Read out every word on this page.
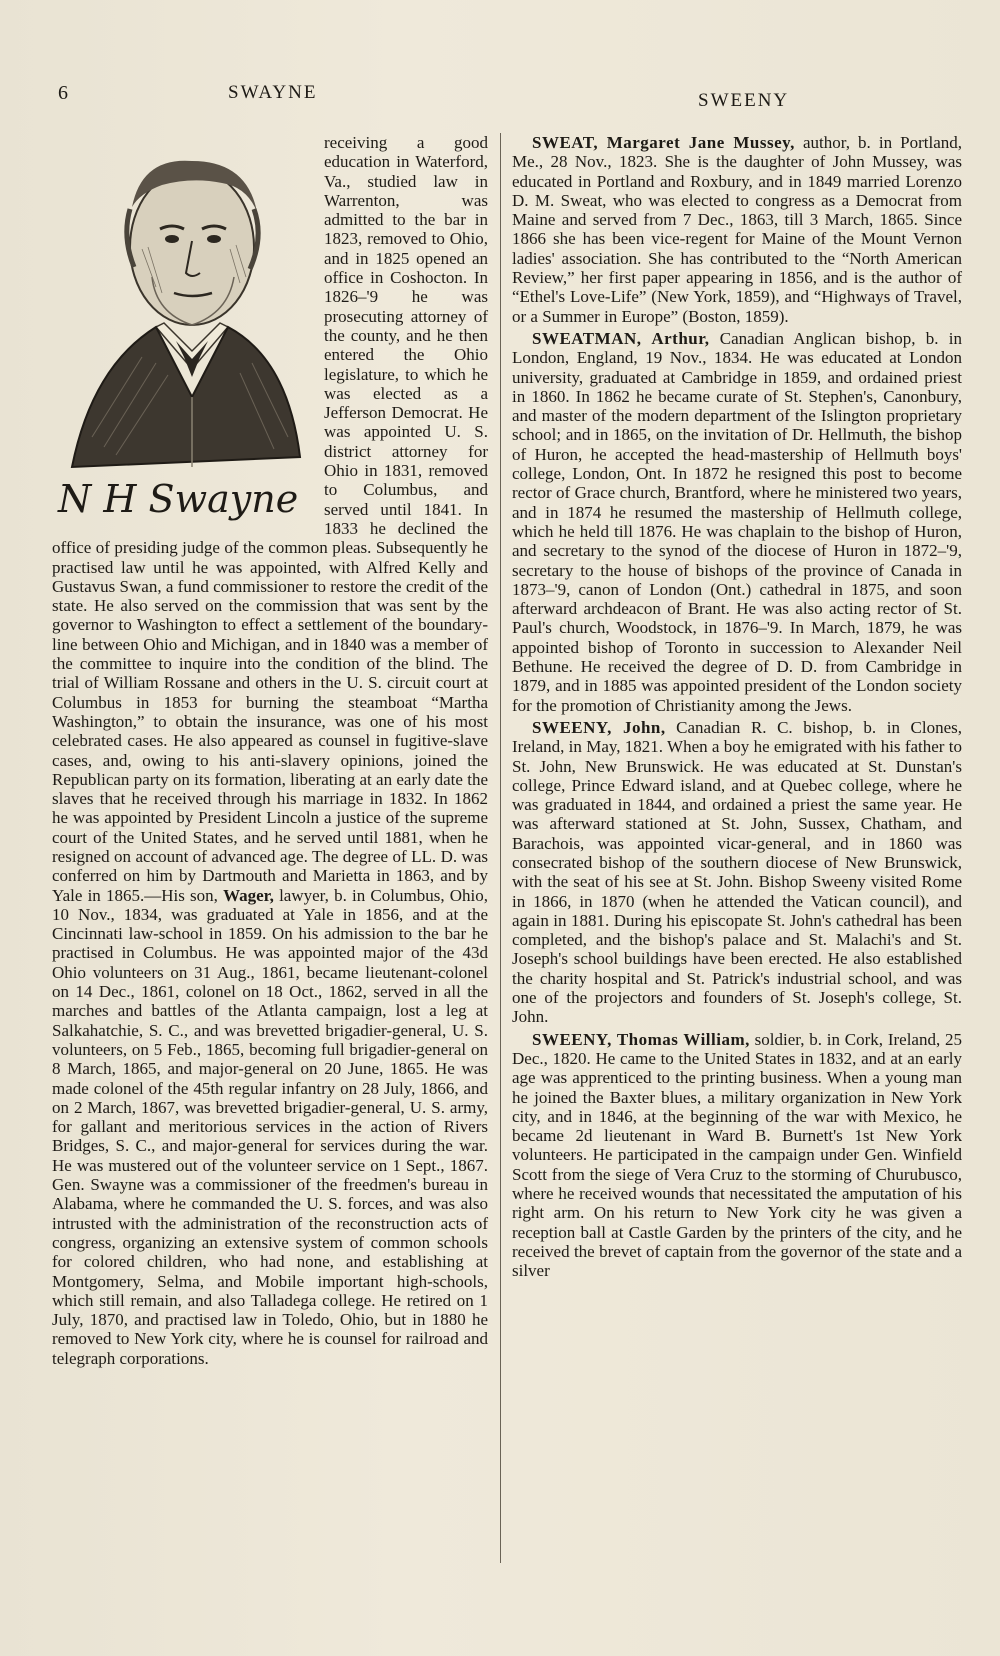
6	SWAYNE	SWEENY

N H Swayne
receiving a good education in Waterford, Va., studied law in Warrenton, was admitted to the bar in 1823, removed to Ohio, and in 1825 opened an office in Coshocton. In 1826–'9 he was prosecuting attorney of the county, and he then entered the Ohio legislature, to which he was elected as a Jefferson Democrat. He was appointed U. S. district attorney for Ohio in 1831, removed to Columbus, and served until 1841. In 1833 he declined the office of presiding judge of the common pleas. Subsequently he practised law until he was appointed, with Alfred Kelly and Gustavus Swan, a fund commissioner to restore the credit of the state. He also served on the commission that was sent by the governor to Washington to effect a settlement of the boundary-line between Ohio and Michigan, and in 1840 was a member of the committee to inquire into the condition of the blind. The trial of William Rossane and others in the U. S. circuit court at Columbus in 1853 for burning the steamboat “Martha Washington,” to obtain the insurance, was one of his most celebrated cases. He also appeared as counsel in fugitive-slave cases, and, owing to his anti-slavery opinions, joined the Republican party on its formation, liberating at an early date the slaves that he received through his marriage in 1832. In 1862 he was appointed by President Lincoln a justice of the supreme court of the United States, and he served until 1881, when he resigned on account of advanced age. The degree of LL. D. was conferred on him by Dartmouth and Marietta in 1863, and by Yale in 1865.—His son, Wager, lawyer, b. in Columbus, Ohio, 10 Nov., 1834, was graduated at Yale in 1856, and at the Cincinnati law-school in 1859. On his admission to the bar he practised in Columbus. He was appointed major of the 43d Ohio volunteers on 31 Aug., 1861, became lieutenant-colonel on 14 Dec., 1861, colonel on 18 Oct., 1862, served in all the marches and battles of the Atlanta campaign, lost a leg at Salkahatchie, S. C., and was brevetted brigadier-general, U. S. volunteers, on 5 Feb., 1865, becoming full brigadier-general on 8 March, 1865, and major-general on 20 June, 1865. He was made colonel of the 45th regular infantry on 28 July, 1866, and on 2 March, 1867, was brevetted brigadier-general, U. S. army, for gallant and meritorious services in the action of Rivers Bridges, S. C., and major-general for services during the war. He was mustered out of the volunteer service on 1 Sept., 1867. Gen. Swayne was a commissioner of the freedmen's bureau in Alabama, where he commanded the U. S. forces, and was also intrusted with the administration of the reconstruction acts of congress, organizing an extensive system of common schools for colored children, who had none, and establishing at Montgomery, Selma, and Mobile important high-schools, which still remain, and also Talladega college. He retired on 1 July, 1870, and practised law in Toledo, Ohio, but in 1880 he removed to New York city, where he is counsel for railroad and telegraph corporations.

SWEAT, Margaret Jane Mussey, author, b. in Portland, Me., 28 Nov., 1823. She is the daughter of John Mussey, was educated in Portland and Roxbury, and in 1849 married Lorenzo D. M. Sweat, who was elected to congress as a Democrat from Maine and served from 7 Dec., 1863, till 3 March, 1865. Since 1866 she has been vice-regent for Maine of the Mount Vernon ladies' association. She has contributed to the “North American Review,” her first paper appearing in 1856, and is the author of “Ethel's Love-Life” (New York, 1859), and “Highways of Travel, or a Summer in Europe” (Boston, 1859).

SWEATMAN, Arthur, Canadian Anglican bishop, b. in London, England, 19 Nov., 1834. He was educated at London university, graduated at Cambridge in 1859, and ordained priest in 1860. In 1862 he became curate of St. Stephen's, Canonbury, and master of the modern department of the Islington proprietary school; and in 1865, on the invitation of Dr. Hellmuth, the bishop of Huron, he accepted the head-mastership of Hellmuth boys' college, London, Ont. In 1872 he resigned this post to become rector of Grace church, Brantford, where he ministered two years, and in 1874 he resumed the mastership of Hellmuth college, which he held till 1876. He was chaplain to the bishop of Huron, and secretary to the synod of the diocese of Huron in 1872–'9, secretary to the house of bishops of the province of Canada in 1873–'9, canon of London (Ont.) cathedral in 1875, and soon afterward archdeacon of Brant. He was also acting rector of St. Paul's church, Woodstock, in 1876–'9. In March, 1879, he was appointed bishop of Toronto in succession to Alexander Neil Bethune. He received the degree of D. D. from Cambridge in 1879, and in 1885 was appointed president of the London society for the promotion of Christianity among the Jews.

SWEENY, John, Canadian R. C. bishop, b. in Clones, Ireland, in May, 1821. When a boy he emigrated with his father to St. John, New Brunswick. He was educated at St. Dunstan's college, Prince Edward island, and at Quebec college, where he was graduated in 1844, and ordained a priest the same year. He was afterward stationed at St. John, Sussex, Chatham, and Barachois, was appointed vicar-general, and in 1860 was consecrated bishop of the southern diocese of New Brunswick, with the seat of his see at St. John. Bishop Sweeny visited Rome in 1866, in 1870 (when he attended the Vatican council), and again in 1881. During his episcopate St. John's cathedral has been completed, and the bishop's palace and St. Malachi's and St. Joseph's school buildings have been erected. He also established the charity hospital and St. Patrick's industrial school, and was one of the projectors and founders of St. Joseph's college, St. John.

SWEENY, Thomas William, soldier, b. in Cork, Ireland, 25 Dec., 1820. He came to the United States in 1832, and at an early age was apprenticed to the printing business. When a young man he joined the Baxter blues, a military organization in New York city, and in 1846, at the beginning of the war with Mexico, he became 2d lieutenant in Ward B. Burnett's 1st New York volunteers. He participated in the campaign under Gen. Winfield Scott from the siege of Vera Cruz to the storming of Churubusco, where he received wounds that necessitated the amputation of his right arm. On his return to New York city he was given a reception ball at Castle Garden by the printers of the city, and he received the brevet of captain from the governor of the state and a silver
